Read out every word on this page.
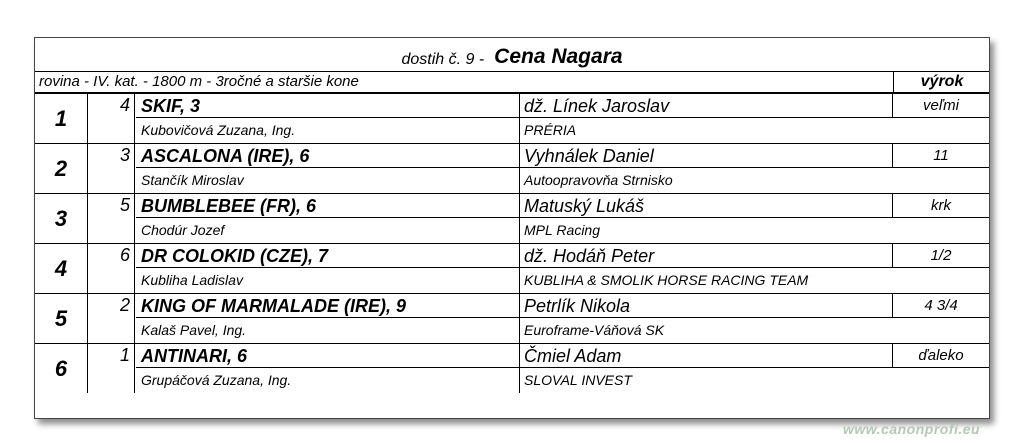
dostih č. 9 - Cena Nagara
rovina - IV. kat. - 1800 m - 3ročné a staršie kone	výrok
1
4 SKIF, 3	dž. Línek Jaroslav	veľmi
Kubovičová Zuzana, Ing.	PRÉRIA
2
3 ASCALONA (IRE), 6	Vyhnálek Daniel	11
Stančík Miroslav	Autoopravovňa Strnisko
3
5 BUMBLEBEE (FR), 6	Matuský Lukáš	krk
Chodúr Jozef	MPL Racing
4
6 DR COLOKID (CZE), 7	dž. Hodáň Peter	1/2
Kubliha Ladislav	KUBLIHA & SMOLIK HORSE RACING TEAM
5
2 KING OF MARMALADE (IRE), 9	Petrlík Nikola	4 3/4
Kalaš Pavel, Ing.	Euroframe-Váňová SK
6
1 ANTINARI, 6	Čmiel Adam	ďaleko
Grupáčová Zuzana, Ing.	SLOVAL INVEST
www.canonprofi.eu
